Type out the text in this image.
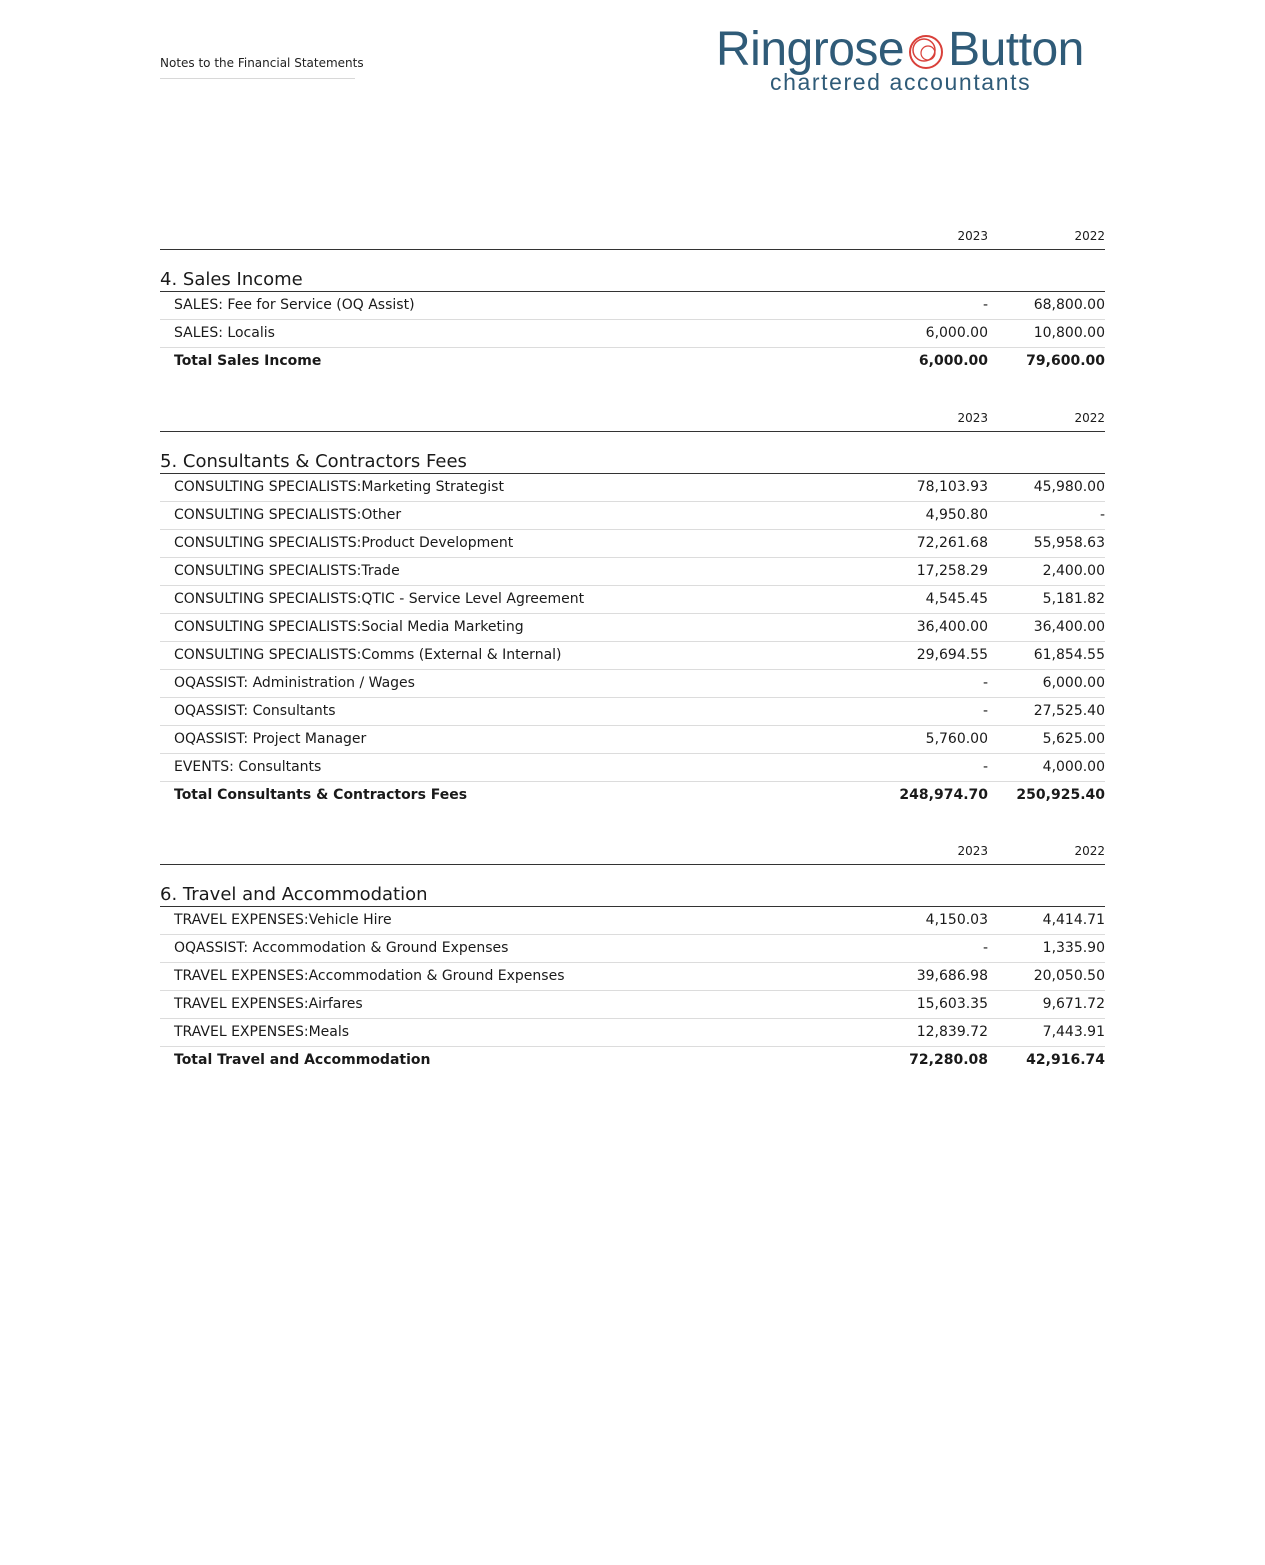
Notes to the Financial Statements	Ringrose Button
chartered accountants
2023	2022
4. Sales Income
SALES: Fee for Service (OQ Assist)	-	68,800.00
SALES: Localis	6,000.00	10,800.00
Total Sales Income	6,000.00	79,600.00
2023	2022
5. Consultants & Contractors Fees
CONSULTING SPECIALISTS:Marketing Strategist	78,103.93	45,980.00
CONSULTING SPECIALISTS:Other	4,950.80	-
CONSULTING SPECIALISTS:Product Development	72,261.68	55,958.63
CONSULTING SPECIALISTS:Trade	17,258.29	2,400.00
CONSULTING SPECIALISTS:QTIC - Service Level Agreement	4,545.45	5,181.82
CONSULTING SPECIALISTS:Social Media Marketing	36,400.00	36,400.00
CONSULTING SPECIALISTS:Comms (External & Internal)	29,694.55	61,854.55
OQASSIST: Administration / Wages	-	6,000.00
OQASSIST: Consultants	-	27,525.40
OQASSIST: Project Manager	5,760.00	5,625.00
EVENTS: Consultants	-	4,000.00
Total Consultants & Contractors Fees	248,974.70 250,925.40
2023	2022
6. Travel and Accommodation
TRAVEL EXPENSES:Vehicle Hire	4,150.03	4,414.71
OQASSIST: Accommodation & Ground Expenses	-	1,335.90
TRAVEL EXPENSES:Accommodation & Ground Expenses	39,686.98	20,050.50
TRAVEL EXPENSES:Airfares	15,603.35	9,671.72
TRAVEL EXPENSES:Meals	12,839.72	7,443.91
Total Travel and Accommodation	72,280.08	42,916.74
